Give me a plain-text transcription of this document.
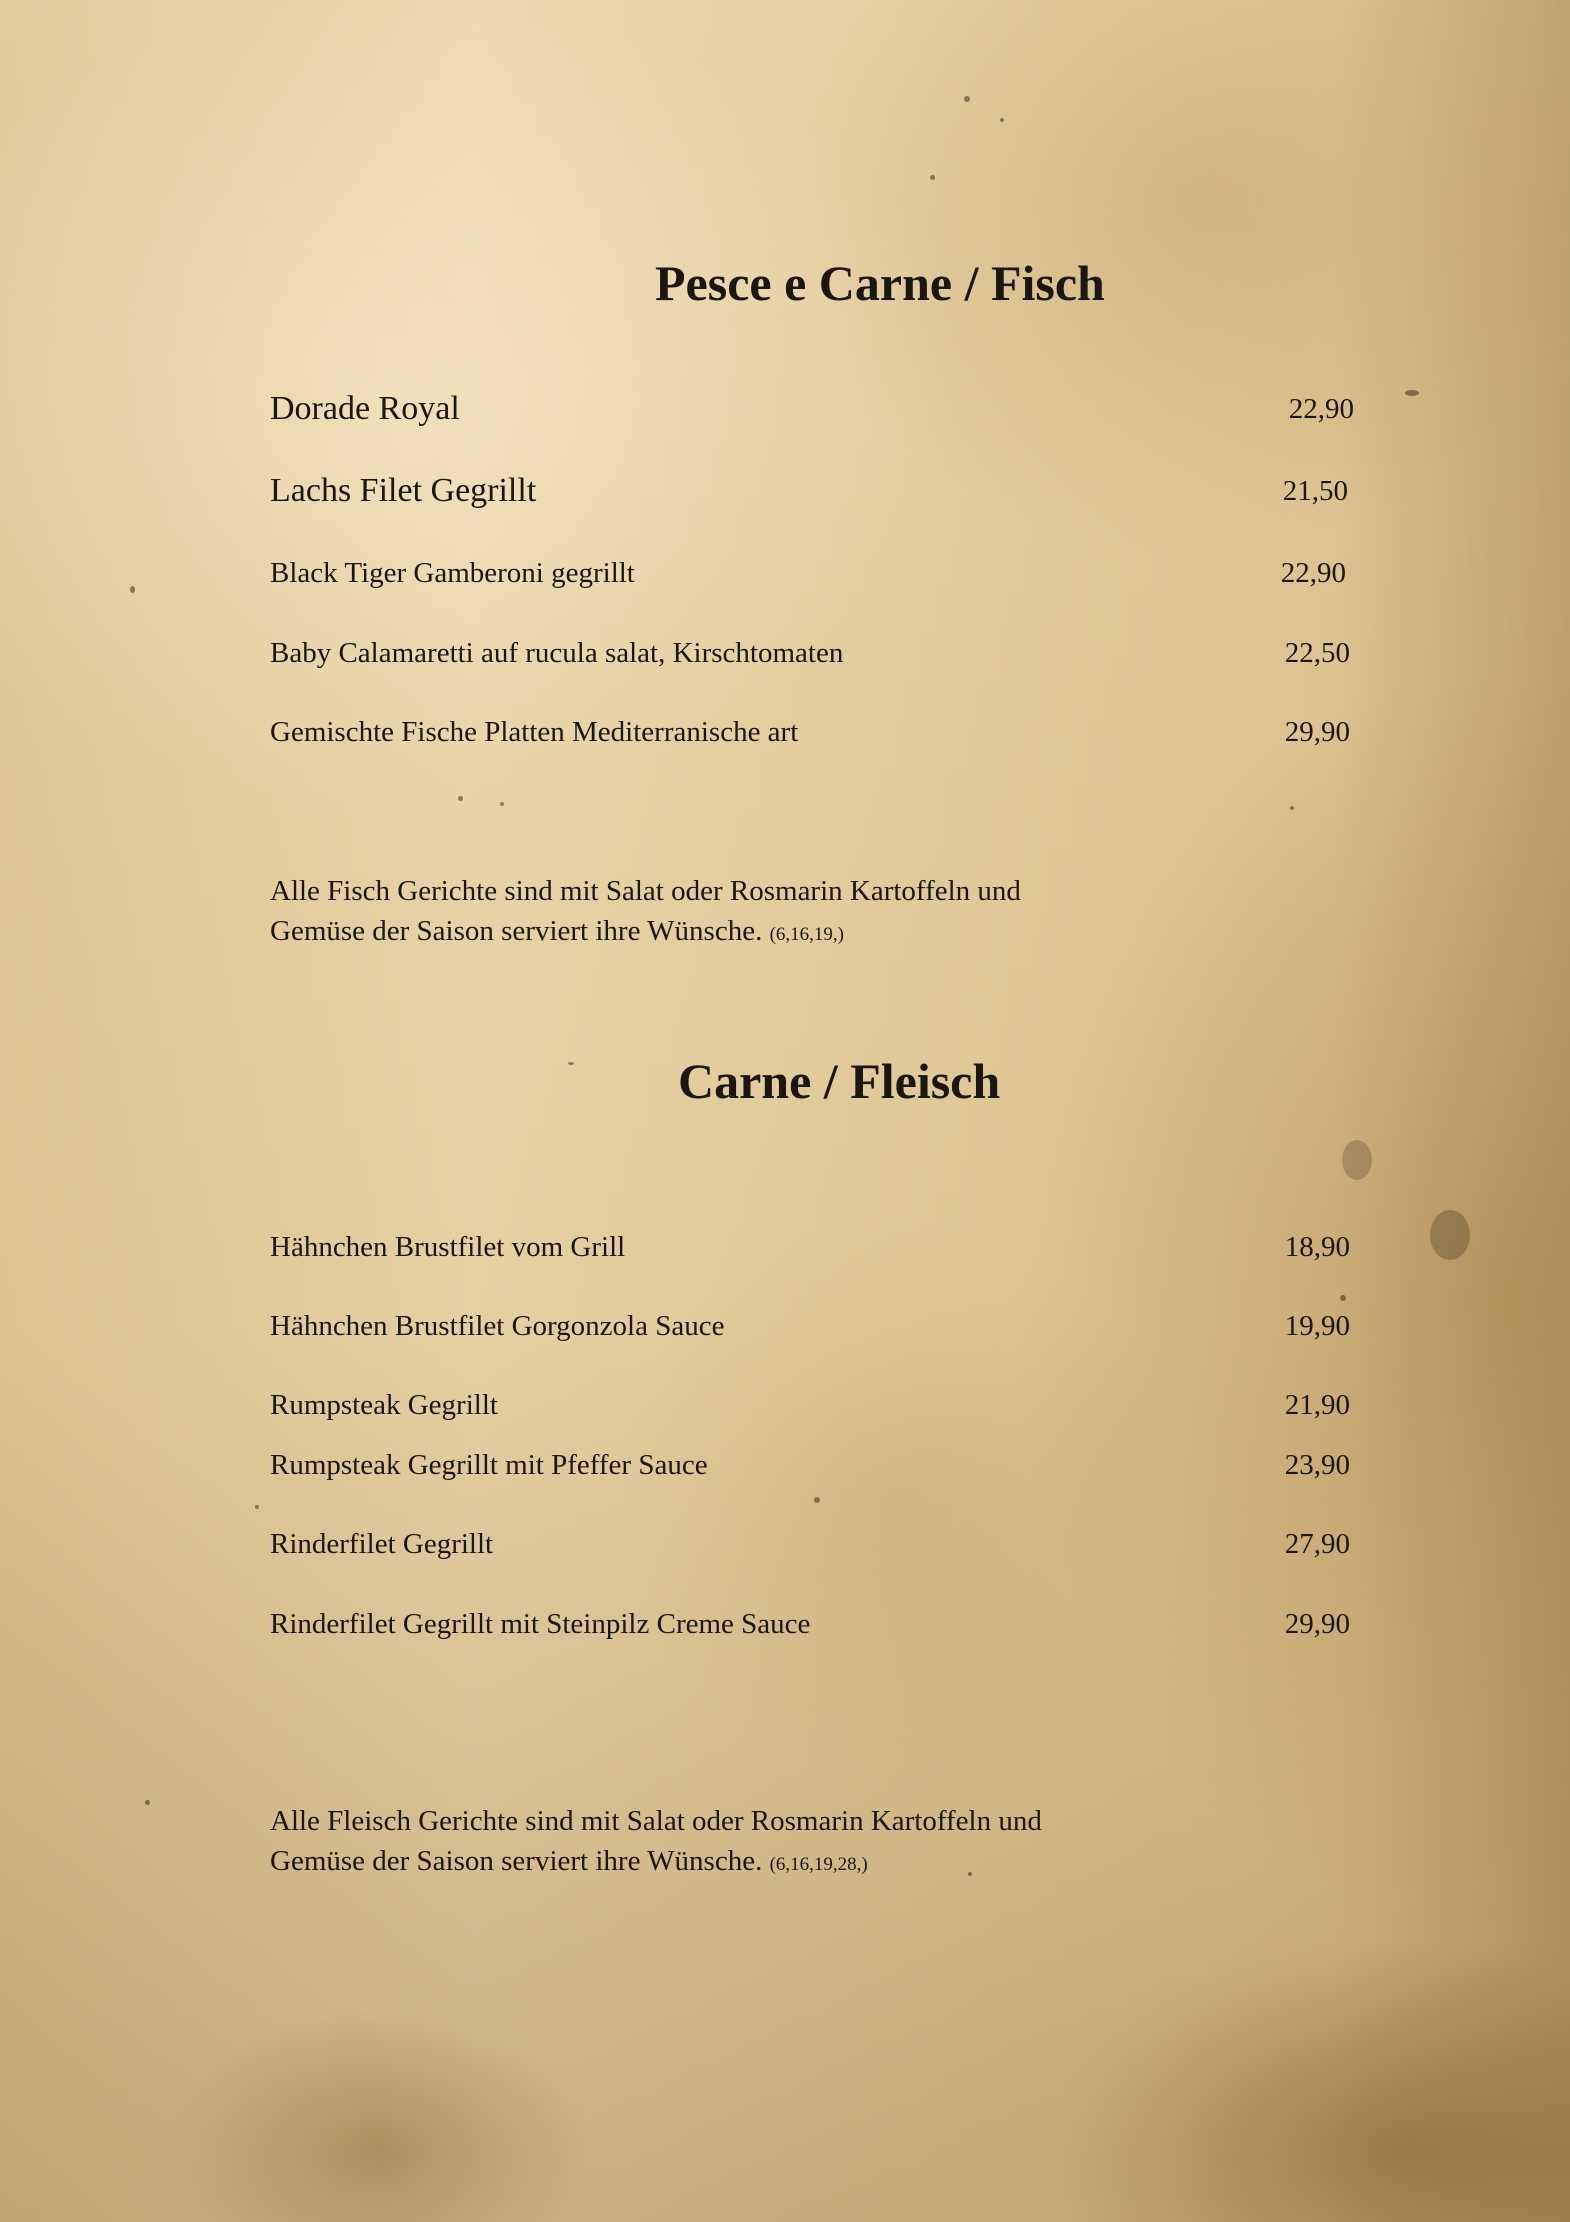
Pesce e Carne / Fisch
Dorade Royal	22,90
Lachs Filet Gegrillt	21,50
Black Tiger Gamberoni gegrillt	22,90
Baby Calamaretti auf rucula salat, Kirschtomaten	22,50
Gemischte Fische Platten Mediterranische art	29,90
Alle Fisch Gerichte sind mit Salat oder Rosmarin Kartoffeln und
Gemüse der Saison serviert ihre Wünsche. (6,16,19,)
Carne / Fleisch
Hähnchen Brustfilet vom Grill	18,90
Hähnchen Brustfilet Gorgonzola Sauce	19,90
Rumpsteak Gegrillt	21,90
Rumpsteak Gegrillt mit Pfeffer Sauce	23,90
Rinderfilet Gegrillt	27,90
Rinderfilet Gegrillt mit Steinpilz Creme Sauce	29,90
Alle Fleisch Gerichte sind mit Salat oder Rosmarin Kartoffeln und
Gemüse der Saison serviert ihre Wünsche. (6,16,19,28,)
